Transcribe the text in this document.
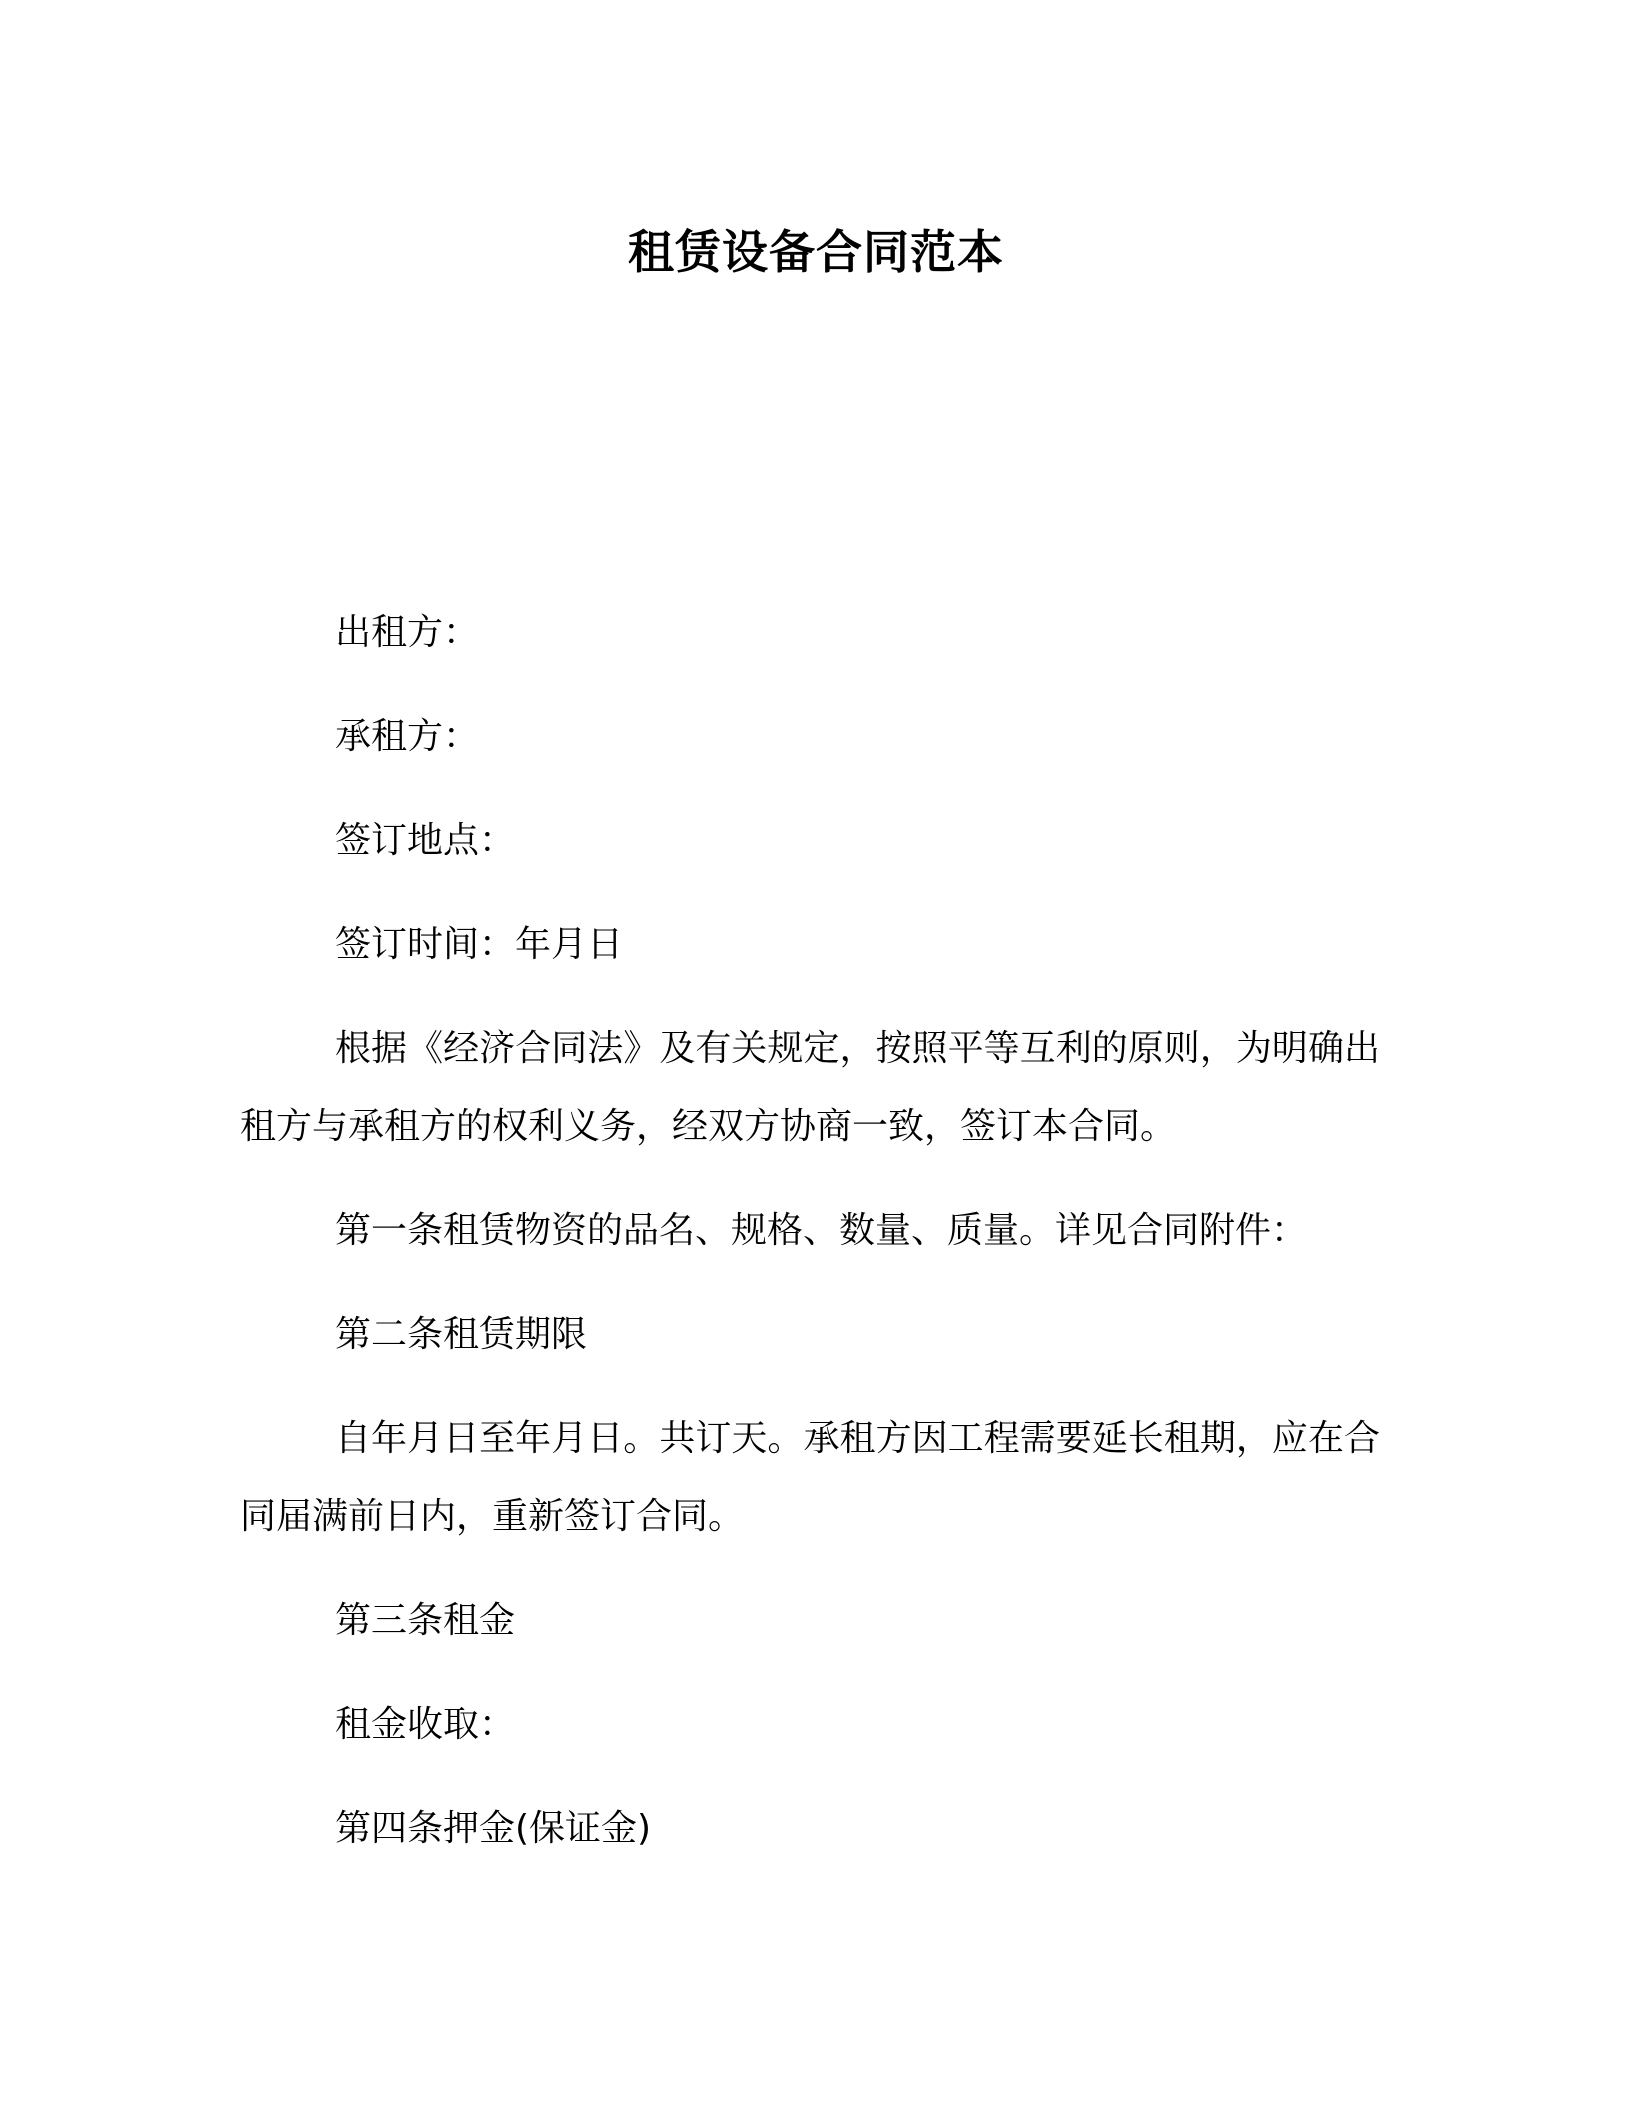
租赁设备合同范本

出租方：

承租方：

签订地点：

签订时间：年月日

根据《经济合同法》及有关规定，按照平等互利的原则，为明确出租方与承租方的权利义务，经双方协商一致，签订本合同。

第一条租赁物资的品名、规格、数量、质量。详见合同附件：

第二条租赁期限

自年月日至年月日。共订天。承租方因工程需要延长租期，应在合同届满前日内，重新签订合同。

第三条租金

租金收取：

第四条押金(保证金)
